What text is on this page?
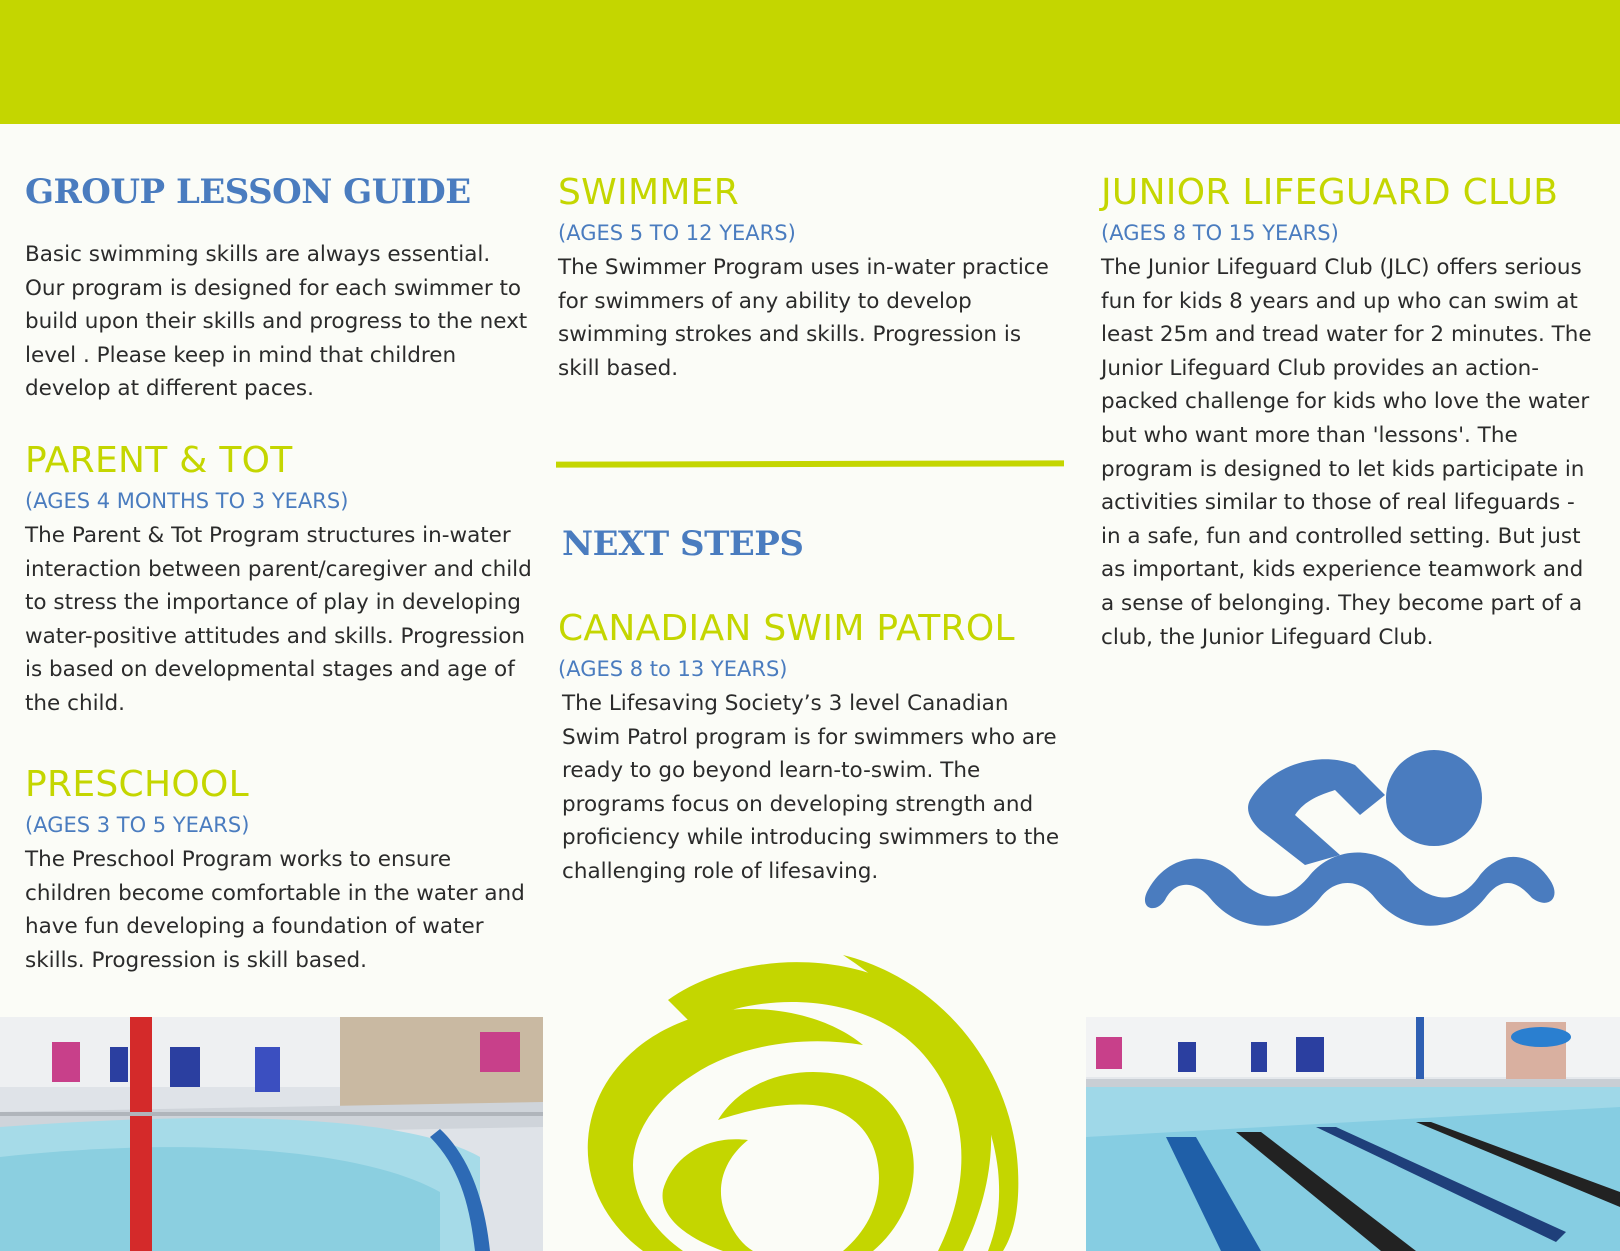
GROUP LESSON GUIDE

Basic swimming skills are always essential. Our program is designed for each swimmer to build upon their skills and progress to the next level . Please keep in mind that children develop at different paces.

PARENT & TOT
(AGES 4 MONTHS TO 3 YEARS)

The Parent & Tot Program structures in-water interaction between parent/caregiver and child to stress the importance of play in developing water-positive attitudes and skills. Progression is based on developmental stages and age of the child.

PRESCHOOL
(AGES 3 TO 5 YEARS)

The Preschool Program works to ensure children become comfortable in the water and have fun developing a foundation of water skills. Progression is skill based.

SWIMMER
(AGES 5 TO 12 YEARS)

The Swimmer Program uses in-water practice for swimmers of any ability to develop swimming strokes and skills. Progression is skill based.

NEXT STEPS
CANADIAN SWIM PATROL
(AGES 8 to 13 YEARS)

The Lifesaving Society’s 3 level Canadian Swim Patrol program is for swimmers who are ready to go beyond learn-to-swim. The programs focus on developing strength and proficiency while introducing swimmers to the challenging role of lifesaving.

JUNIOR LIFEGUARD CLUB
(AGES 8 TO 15 YEARS)

The Junior Lifeguard Club (JLC) offers serious fun for kids 8 years and up who can swim at least 25m and tread water for 2 minutes. The Junior Lifeguard Club provides an action-packed challenge for kids who love the water but who want more than 'lessons'. The program is designed to let kids participate in activities similar to those of real lifeguards - in a safe, fun and controlled setting. But just as important, kids experience teamwork and a sense of belonging. They become part of a club, the Junior Lifeguard Club.
